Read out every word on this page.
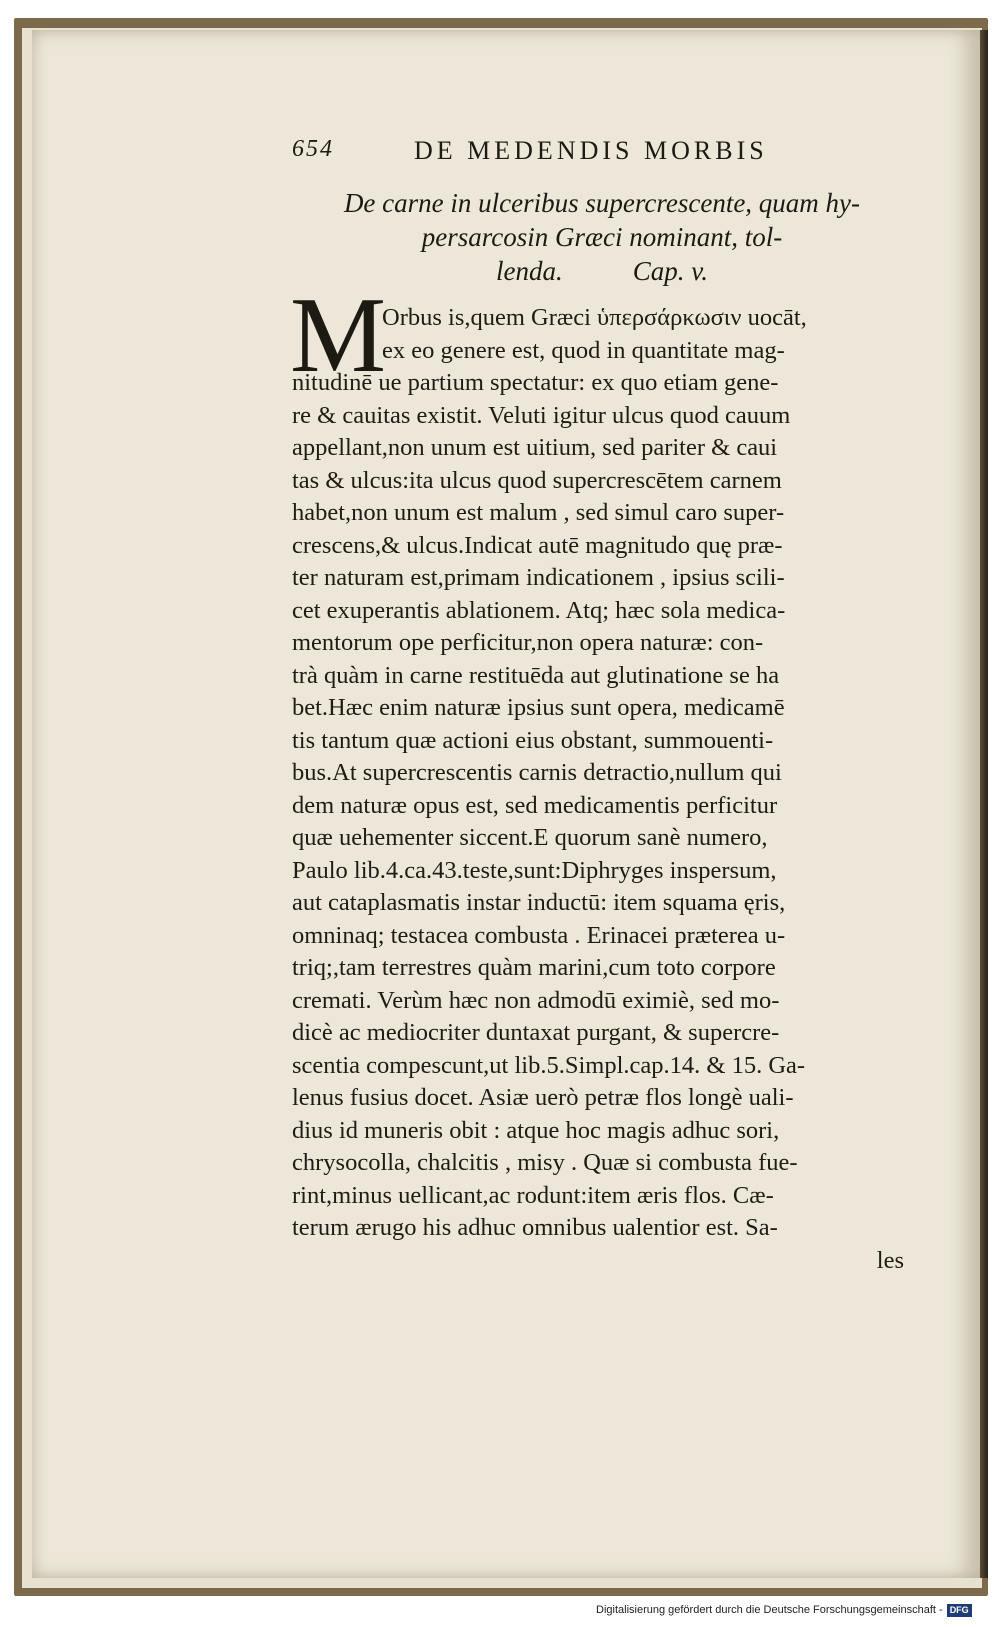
654	DE MEDENDIS MORBIS
De carne in ulceribus supercrescente, quam hy-
persarcosin Græci nominant, tol-
lenda.	Cap. v.
M
Orbus is,quem Græci ὑπερσάρκωσιν uocāt,
ex eo genere est, quod in quantitate mag-
nitudinē ue partium spectatur: ex quo etiam gene-
re & cauitas existit. Veluti igitur ulcus quod cauum
appellant,non unum est uitium, sed pariter & caui
tas & ulcus:ita ulcus quod supercrescētem carnem
habet,non unum est malum , sed simul caro super-
crescens,& ulcus.Indicat autē magnitudo quę præ-
ter naturam est,primam indicationem , ipsius scili-
cet exuperantis ablationem. Atq; hæc sola medica-
mentorum ope perficitur,non opera naturæ: con-
trà quàm in carne restituēda aut glutinatione se ha
bet.Hæc enim naturæ ipsius sunt opera, medicamē
tis tantum quæ actioni eius obstant, summouenti-
bus.At supercrescentis carnis detractio,nullum qui
dem naturæ opus est, sed medicamentis perficitur
quæ uehementer siccent.E quorum sanè numero,
Paulo lib.4.ca.43.teste,sunt:Diphryges inspersum,
aut cataplasmatis instar inductū: item squama ęris,
omninaq; testacea combusta . Erinacei præterea u-
triq;,tam terrestres quàm marini,cum toto corpore
cremati. Verùm hæc non admodū eximiè, sed mo-
dicè ac mediocriter duntaxat purgant, & supercre-
scentia compescunt,ut lib.5.Simpl.cap.14. & 15. Ga-
lenus fusius docet. Asiæ uerò petræ flos longè uali-
dius id muneris obit : atque hoc magis adhuc sori,
chrysocolla, chalcitis , misy . Quæ si combusta fue-
rint,minus uellicant,ac rodunt:item æris flos. Cæ-
terum ærugo his adhuc omnibus ualentior est. Sa-
les
Digitalisierung gefördert durch die Deutsche Forschungsgemeinschaft - DFG
